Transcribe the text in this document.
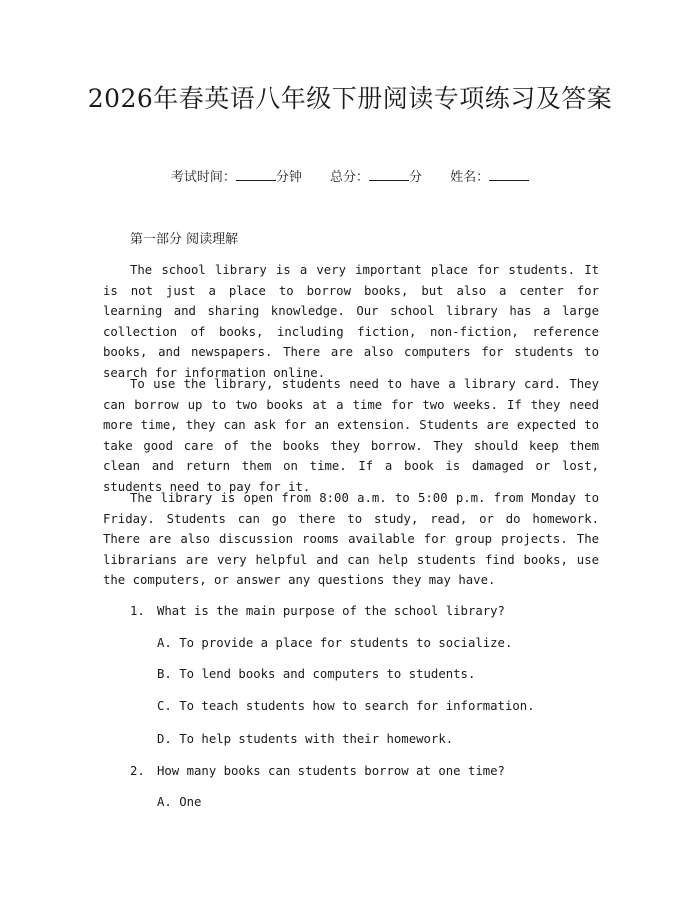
2026年春英语八年级下册阅读专项练习及答案
考试时间：	分钟 总分：	分 姓名：
第一部分 阅读理解

The school library is a very important place for students. It is not just a place to borrow books, but also a center for learning and sharing knowledge. Our school library has a large collection of books, including fiction, non-fiction, reference books, and newspapers. There are also computers for students to search for information online.

To use the library, students need to have a library card. They can borrow up to two books at a time for two weeks. If they need more time, they can ask for an extension. Students are expected to take good care of the books they borrow. They should keep them clean and return them on time. If a book is damaged or lost, students need to pay for it.

The library is open from 8:00 a.m. to 5:00 p.m. from Monday to Friday. Students can go there to study, read, or do homework. There are also discussion rooms available for group projects. The librarians are very helpful and can help students find books, use the computers, or answer any questions they may have.

1. What is the main purpose of the school library?
A. To provide a place for students to socialize.
B. To lend books and computers to students.
C. To teach students how to search for information.
D. To help students with their homework.
2. How many books can students borrow at one time?
A. One
